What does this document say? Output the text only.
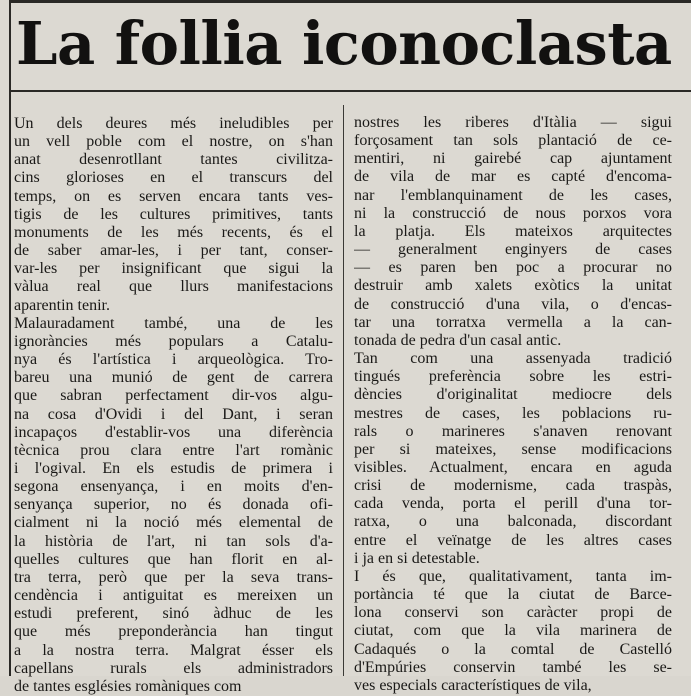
La follia iconoclasta
Un dels deures més ineludibles per
un vell poble com el nostre, on s'han
anat desenrotllant tantes civilitza-
cins glorioses en el transcurs del
temps, on es serven encara tants ves-
tigis de les cultures primitives, tants
monuments de les més recents, és el
de saber amar-les, i per tant, conser-
var-les per insignificant que sigui la
vàlua real que llurs manifestacions
aparentin tenir.
Malauradament també, una de les
ignoràncies més populars a Catalu-
nya és l'artística i arqueològica. Tro-
bareu una munió de gent de carrera
que sabran perfectament dir-vos algu-
na cosa d'Ovidi i del Dant, i seran
incapaços d'establir-vos una diferència
tècnica prou clara entre l'art romànic
i l'ogival. En els estudis de primera i
segona ensenyança, i en moits d'en-
senyança superior, no és donada ofi-
cialment ni la noció més elemental de
la història de l'art, ni tan sols d'a-
quelles cultures que han florit en al-
tra terra, però que per la seva trans-
cendència i antiguitat es mereixen un
estudi preferent, sinó àdhuc de les
que més preponderància han tingut
a la nostra terra. Malgrat ésser els
capellans rurals els administradors
de tantes esglésies romàniques com
nostres les riberes d'Itàlia — sigui
forçosament tan sols plantació de ce-
mentiri, ni gairebé cap ajuntament
de vila de mar es capté d'encoma-
nar l'emblanquinament de les cases,
ni la construcció de nous porxos vora
la platja. Els mateixos arquitectes
— generalment enginyers de cases
— es paren ben poc a procurar no
destruir amb xalets exòtics la unitat
de construcció d'una vila, o d'encas-
tar una torratxa vermella a la can-
tonada de pedra d'un casal antic.
Tan com una assenyada tradició
tingués preferència sobre les estri-
dències d'originalitat mediocre dels
mestres de cases, les poblacions ru-
rals o marineres s'anaven renovant
per si mateixes, sense modificacions
visibles. Actualment, encara en aguda
crisi de modernisme, cada traspàs,
cada venda, porta el perill d'una tor-
ratxa, o una balconada, discordant
entre el veïnatge de les altres cases
i ja en si detestable.
I és que, qualitativament, tanta im-
portància té que la ciutat de Barce-
lona conservi son caràcter propi de
ciutat, com que la vila marinera de
Cadaqués o la comtal de Castelló
d'Empúries conservin també les se-
ves especials característiques de vila,
